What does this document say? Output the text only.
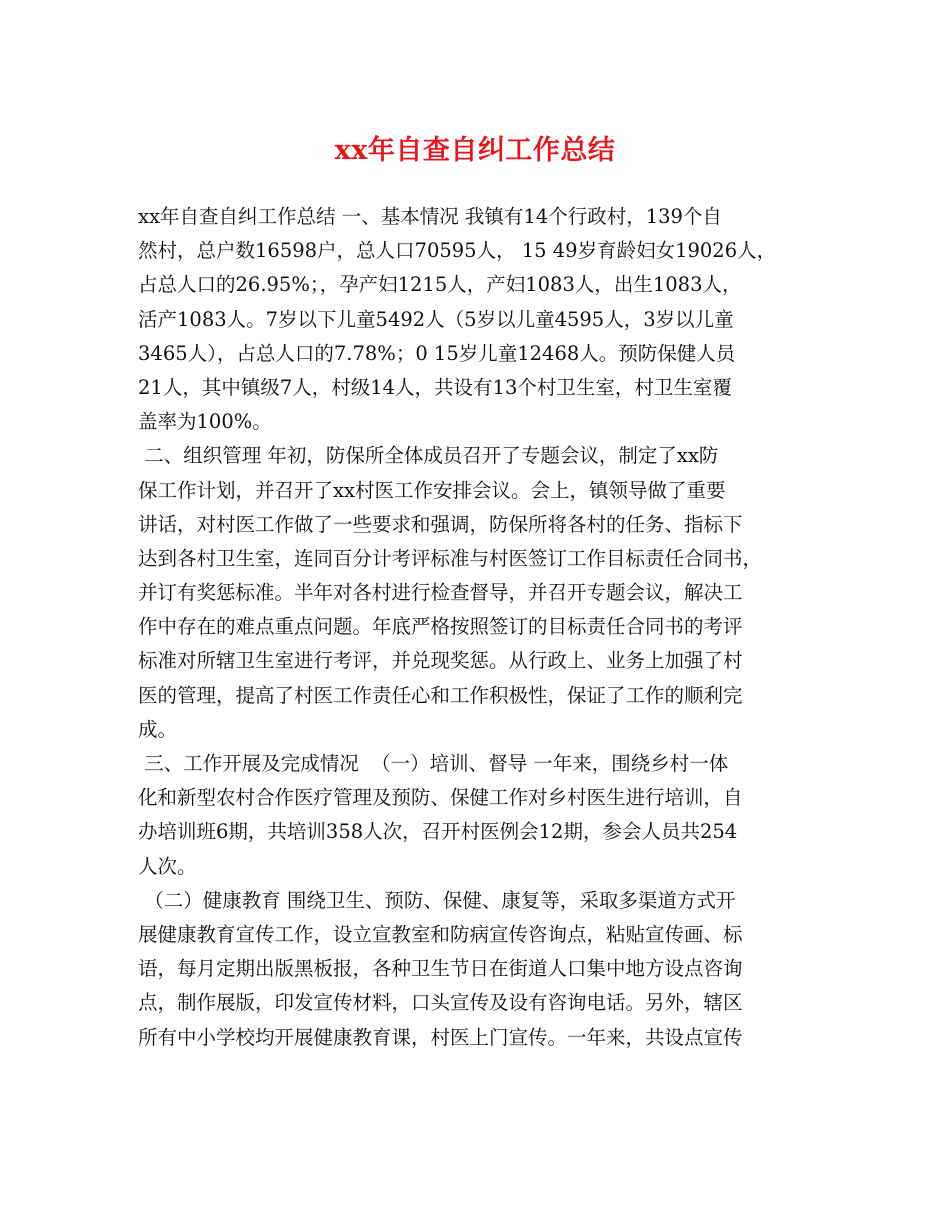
xx年自查自纠工作总结
xx年自查自纠工作总结 一、基本情况 我镇有14个行政村，139个自
然村，总户数16598户，总人口70595人， 15 49岁育龄妇女19026人，
占总人口的26.95%；，孕产妇1215人，产妇1083人，出生1083人，
活产1083人。7岁以下儿童5492人（5岁以儿童4595人，3岁以儿童
3465人），占总人口的7.78%；0 15岁儿童12468人。预防保健人员
21人，其中镇级7人，村级14人，共设有13个村卫生室，村卫生室覆
盖率为100%。
二、组织管理 年初，防保所全体成员召开了专题会议，制定了xx防
保工作计划，并召开了xx村医工作安排会议。会上，镇领导做了重要
讲话，对村医工作做了一些要求和强调，防保所将各村的任务、指标下
达到各村卫生室，连同百分计考评标准与村医签订工作目标责任合同书，
并订有奖惩标准。半年对各村进行检查督导，并召开专题会议，解决工
作中存在的难点重点问题。年底严格按照签订的目标责任合同书的考评
标准对所辖卫生室进行考评，并兑现奖惩。从行政上、业务上加强了村
医的管理，提高了村医工作责任心和工作积极性，保证了工作的顺利完
成。
三、工作开展及完成情况  （一）培训、督导 一年来，围绕乡村一体
化和新型农村合作医疗管理及预防、保健工作对乡村医生进行培训，自
办培训班6期，共培训358人次，召开村医例会12期，参会人员共254
人次。
（二）健康教育 围绕卫生、预防、保健、康复等，采取多渠道方式开
展健康教育宣传工作，设立宣教室和防病宣传咨询点，粘贴宣传画、标
语，每月定期出版黑板报，各种卫生节日在街道人口集中地方设点咨询
点，制作展版，印发宣传材料，口头宣传及设有咨询电话。另外，辖区
所有中小学校均开展健康教育课，村医上门宣传。一年来，共设点宣传
